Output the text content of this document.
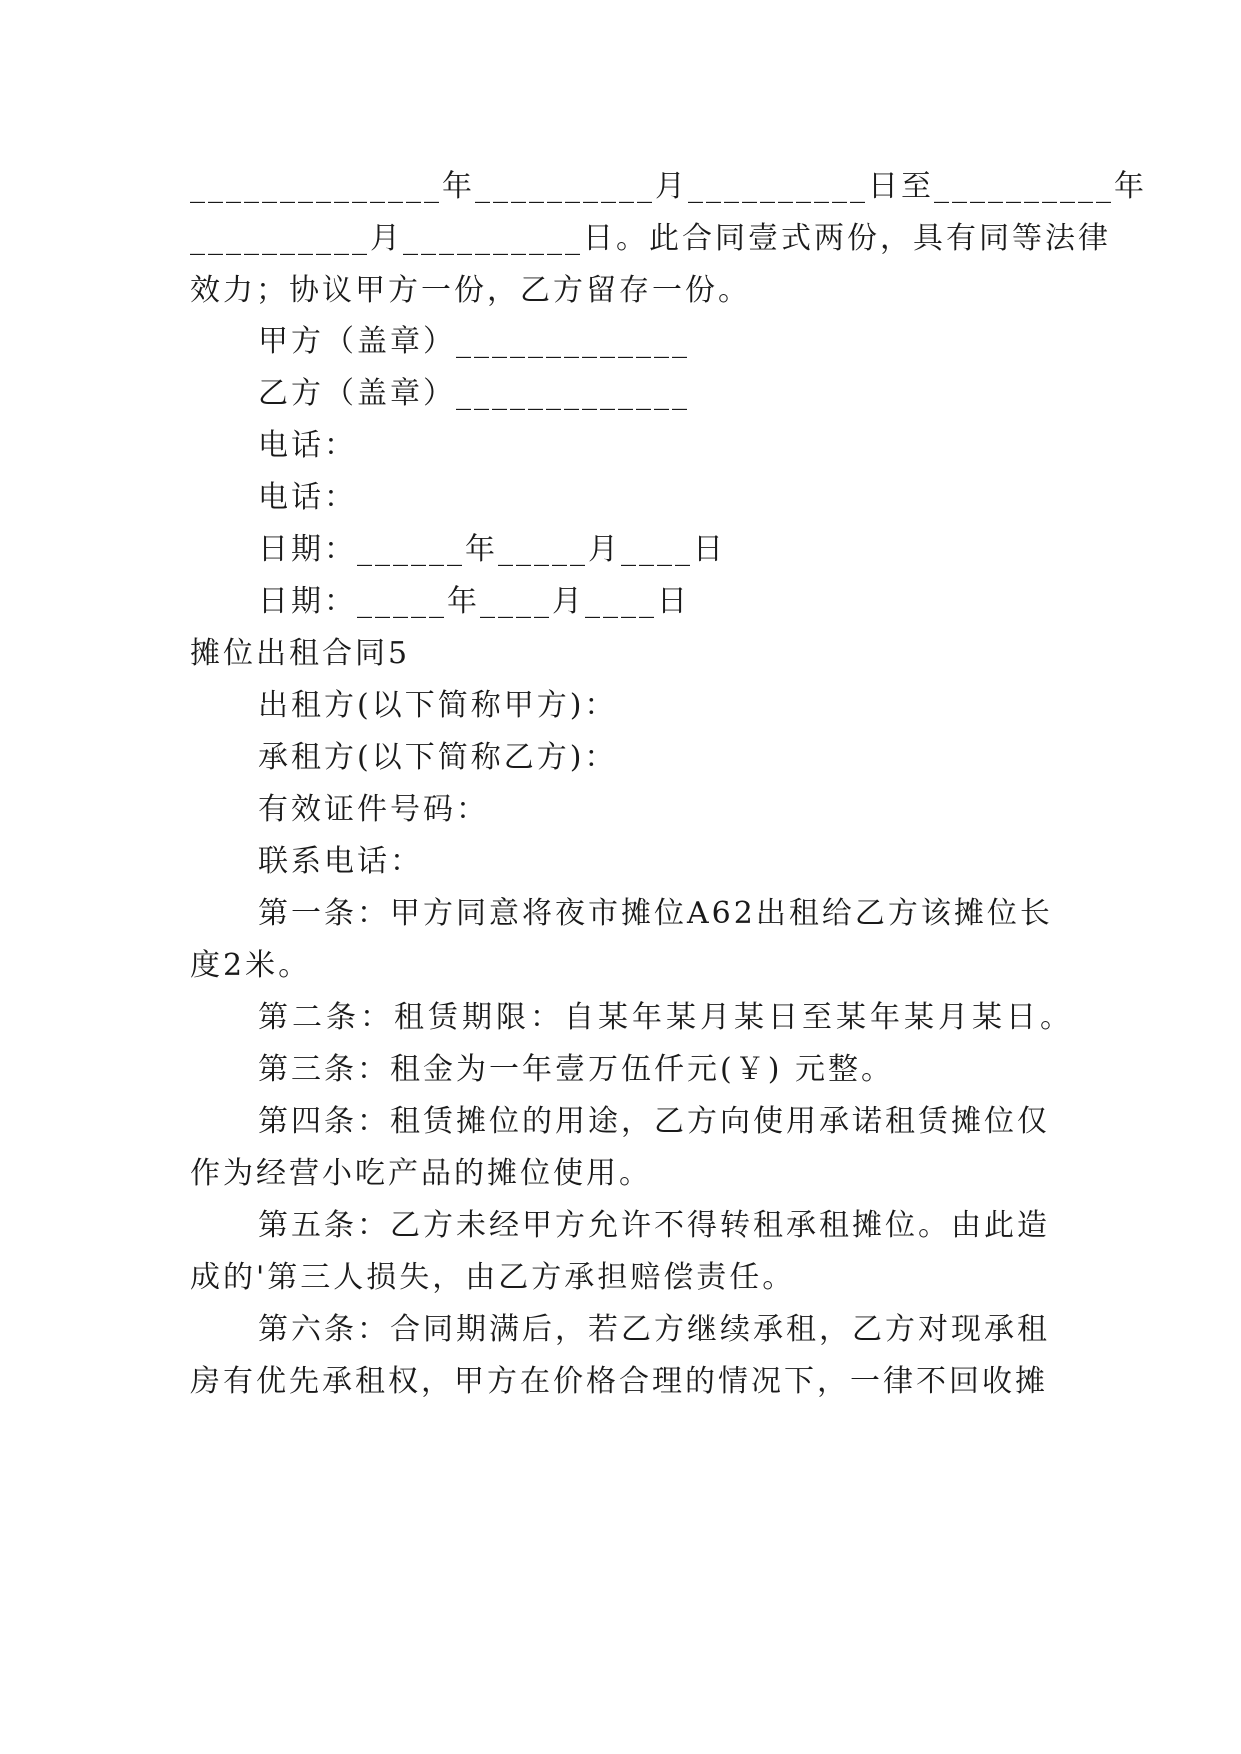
______________年__________月__________日至__________年
__________月__________日。此合同壹式两份，具有同等法律
效力；协议甲方一份，乙方留存一份。
甲方（盖章）_____________
乙方（盖章）_____________
电话：
电话：
日期：______年_____月____日
日期：_____年____月____日
摊位出租合同5
出租方(以下简称甲方)：
承租方(以下简称乙方)：
有效证件号码：
联系电话：
第一条：甲方同意将夜市摊位A62出租给乙方该摊位长
度2米。
第二条：租赁期限：自某年某月某日至某年某月某日。
第三条：租金为一年壹万伍仟元(￥) 元整。
第四条：租赁摊位的用途，乙方向使用承诺租赁摊位仅
作为经营小吃产品的摊位使用。
第五条：乙方未经甲方允许不得转租承租摊位。由此造
成的'第三人损失，由乙方承担赔偿责任。
第六条：合同期满后，若乙方继续承租，乙方对现承租
房有优先承租权，甲方在价格合理的情况下，一律不回收摊
